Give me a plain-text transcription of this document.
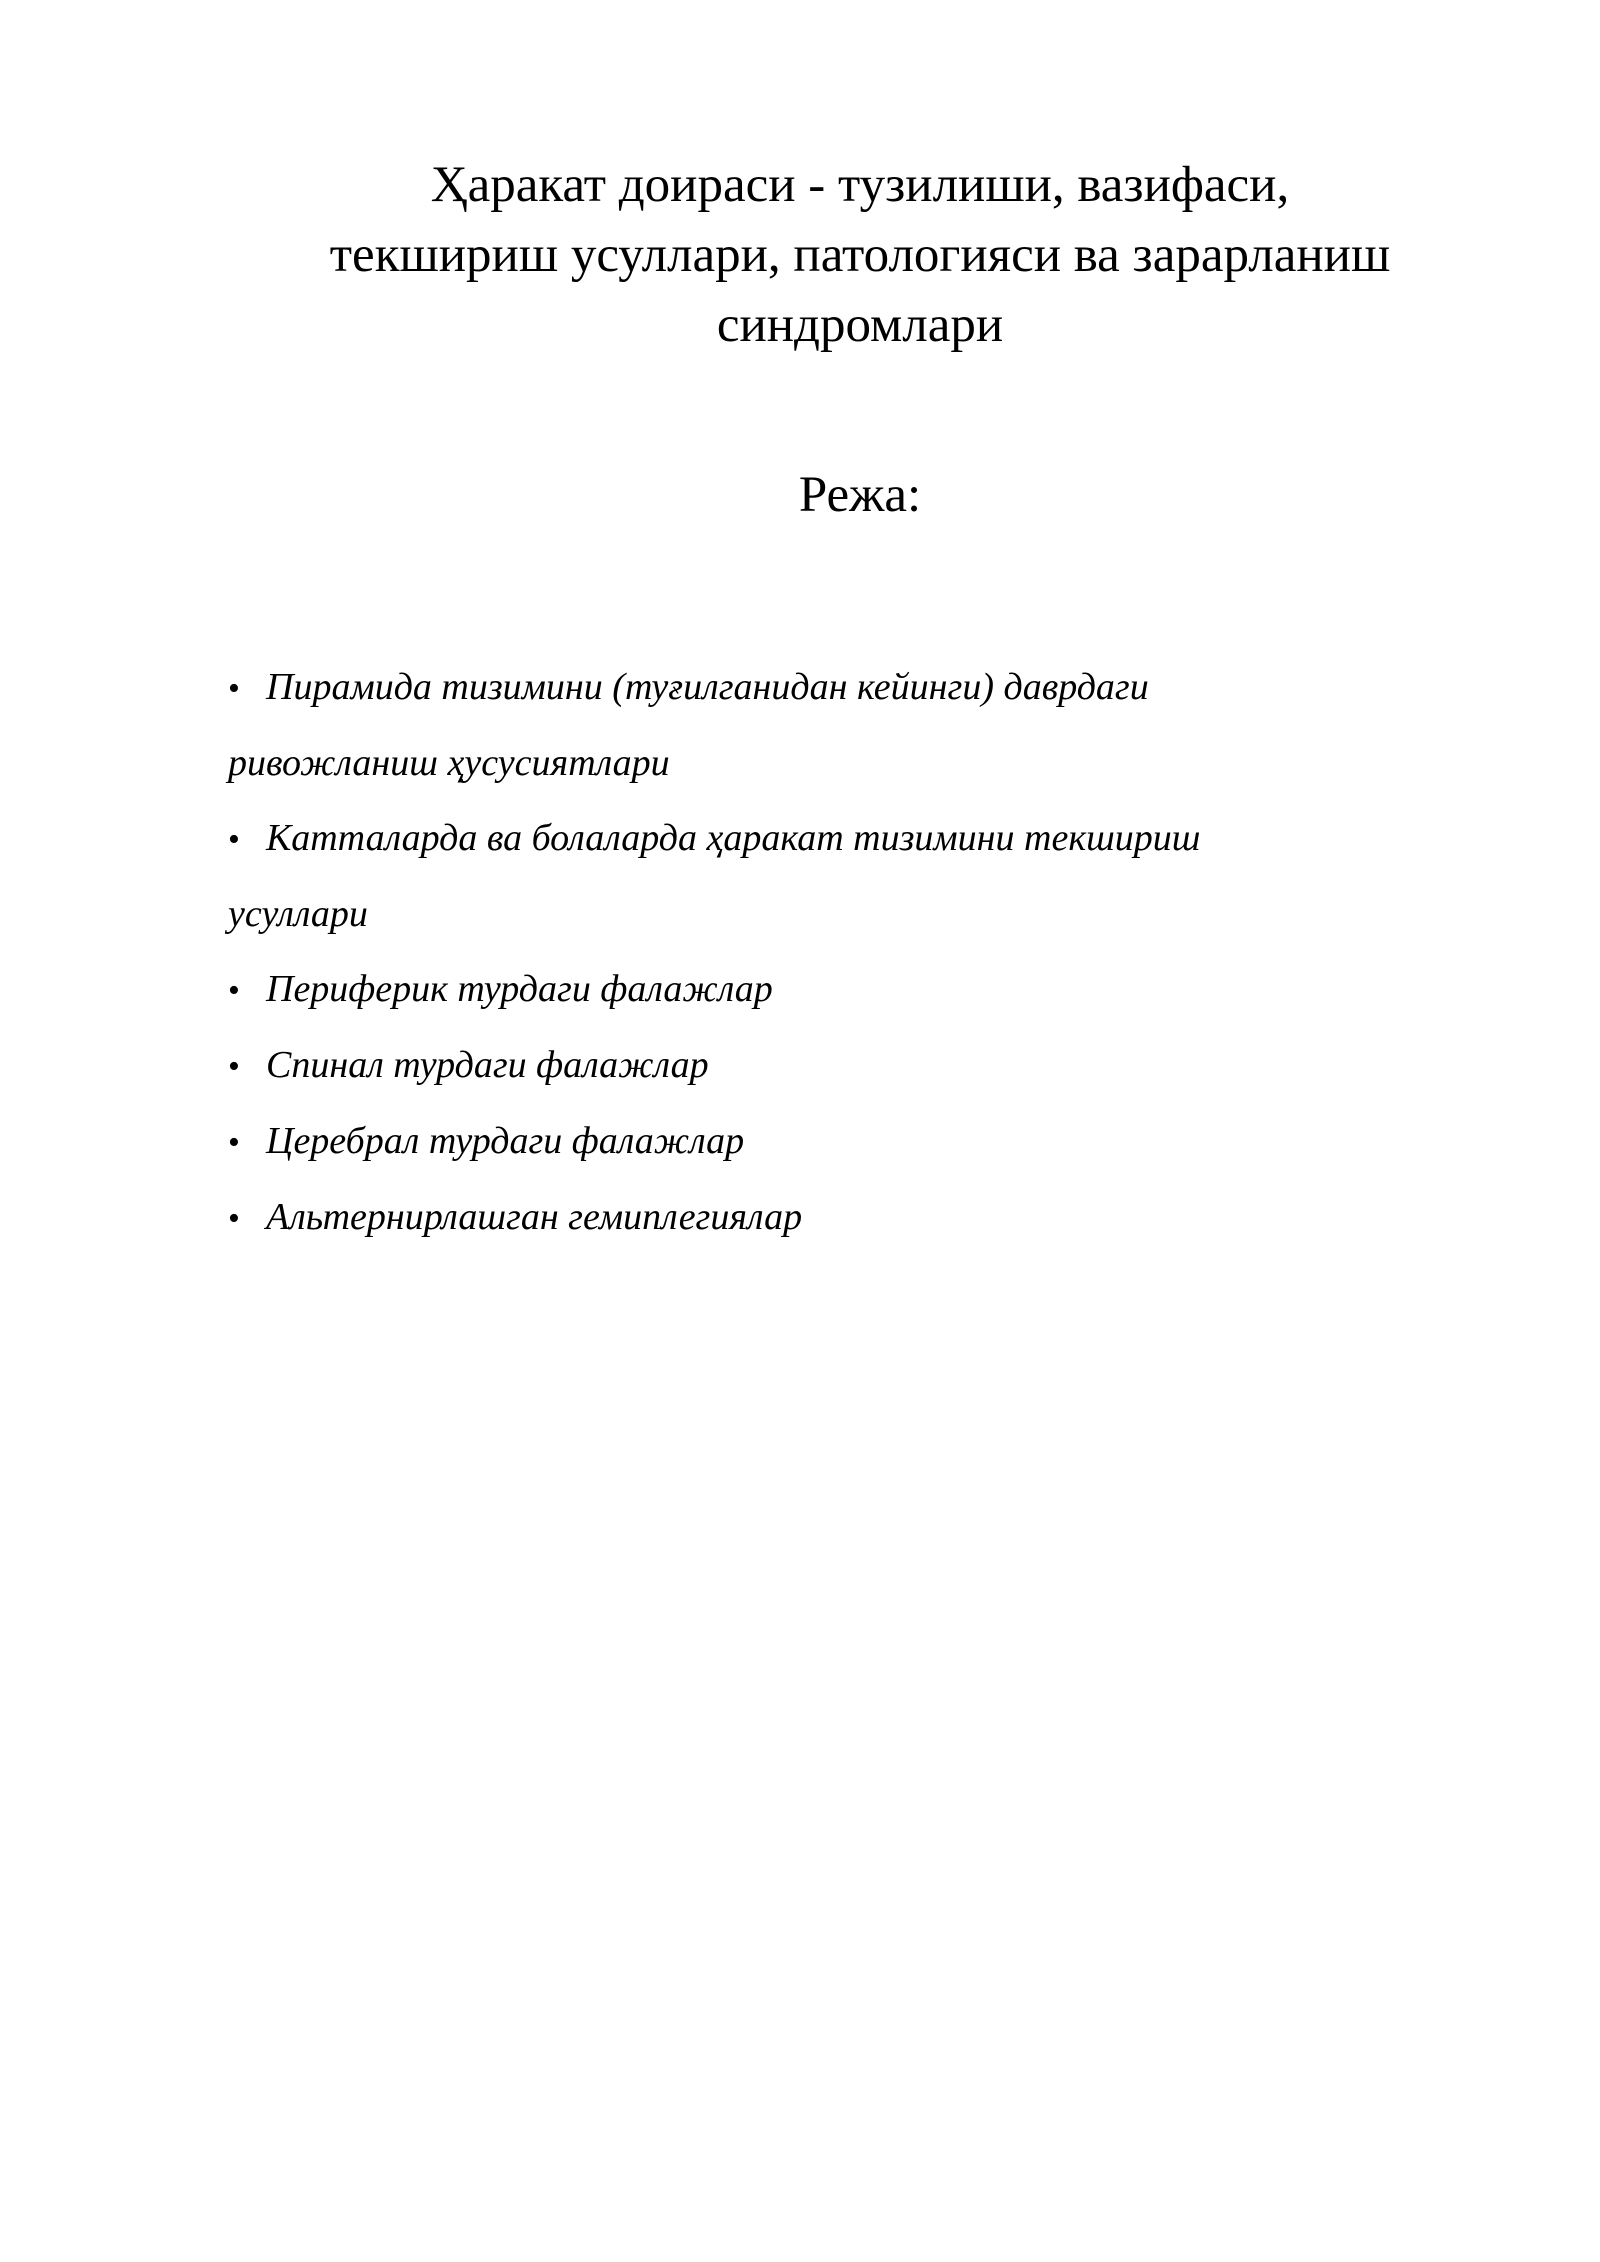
Ҳаракат доираси - тузилиши, вазифаси,
текшириш усуллари, патологияси ва зарарланиш
синдромлари
Режа:
• Пирамида тизимини (туғилганидан кейинги) даврдаги
ривожланиш ҳусусиятлари
• Катталарда ва болаларда ҳаракат тизимини текшириш
усуллари
• Периферик турдаги фалажлар
• Спинал турдаги фалажлар
• Церебрал турдаги фалажлар
• Альтернирлашган гемиплегиялар
